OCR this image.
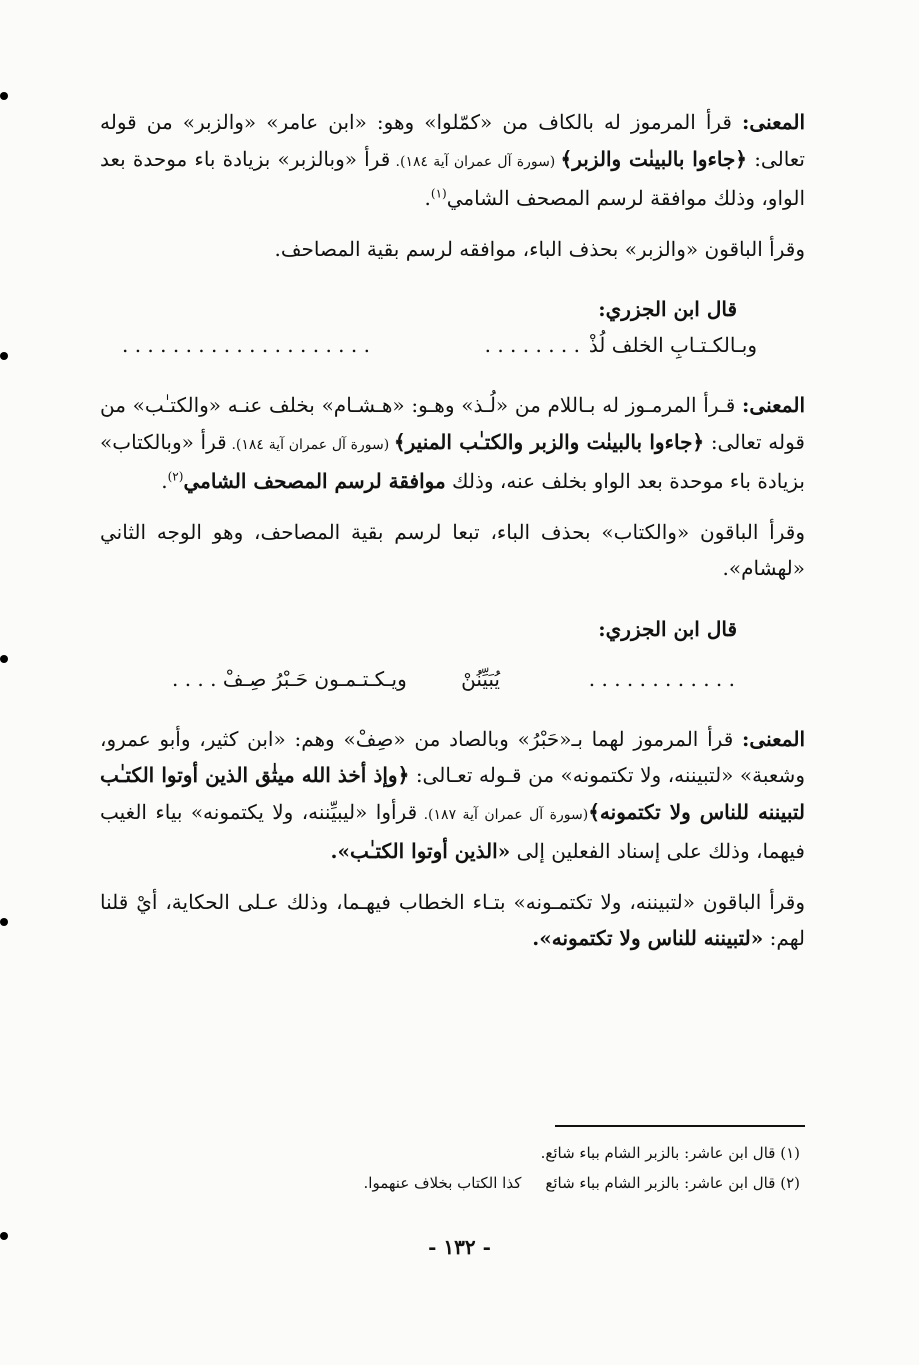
المعنى: قرأ المرموز له بالكاف من «كمّلوا» وهو: «ابن عامر» «والزبر» من قوله تعالى: ﴿جاءوا بالبينٰت والزبر﴾ (سورة آل عمران آية ١٨٤). قرأ «وبالزبر» بزيادة باء موحدة بعد الواو، وذلك موافقة لرسم المصحف الشامي$^{(١)}$.

وقرأ الباقون «والزبر» بحذف الباء، موافقه لرسم بقية المصاحف.

قال ابن الجزري:

وبـالكـتـابِ الخلف لُذْ
. . . . . . . .
. . . . . . . . . . . . . . . . . . . .

المعنى: قـرأ المرمـوز له بـاللام من «لُـذ» وهـو: «هـشـام» بخلف عنـه «والكتـٰب» من قوله تعالى: ﴿جاءوا بالبينٰت والزبر والكتـٰب المنير﴾ (سورة آل عمران آية ١٨٤). قرأ «وبالكتاب» بزيادة باء موحدة بعد الواو بخلف عنه، وذلك موافقة لرسم المصحف الشامي$^{(٢)}$.

وقرأ الباقون «والكتاب» بحذف الباء، تبعا لرسم بقية المصاحف، وهو الوجه الثاني «لهشام».

قال ابن الجزري:

. . . . . . . . . . . .
يُبَيِّنُنْ
ويـكـتـمـون حَـبْرُ صِـفْ . . . .

المعنى: قرأ المرموز لهما بـ«حَبْرُ» وبالصاد من «صِفْ» وهم: «ابن كثير، وأبو عمرو، وشعبة» «لتبيننه، ولا تكتمونه» من قـوله تعـالى: ﴿وإذ أخذ الله ميثٰق الذين أوتوا الكتـٰب لتبيننه للناس ولا تكتمونه﴾(سورة آل عمران آية ١٨٧). قرأوا «ليبيِّننه، ولا يكتمونه» بياء الغيب فيهما، وذلك على إسناد الفعلين إلى «الذين أوتوا الكتـٰب».

وقرأ الباقون «لتبيننه، ولا تكتمـونه» بتـاء الخطاب فيهـما، وذلك عـلى الحكاية، أيْ قلنا لهم: «لتبيننه للناس ولا تكتمونه».

(١) قال ابن عاشر: بالزبر الشام بباء شائع.

(٢) قال ابن عاشر: بالزبر الشام بباء شائعكذا الكتاب بخلاف عنهموا.

- ١٣٢ -
